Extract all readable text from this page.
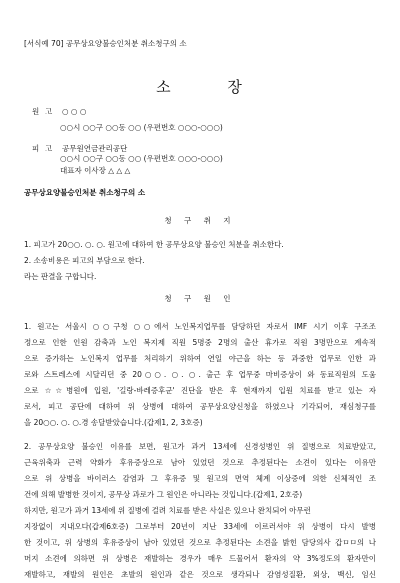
[서식예 70] 공무상요양불승인처분 취소청구의 소
소	장
원 고	○ ○ ○
○○시 ○○구 ○○동 ○○ (우편번호 ○○○-○○○)
피 고	공무원연금관리공단
○○시 ○○구 ○○동 ○○ (우편번호 ○○○-○○○)
대표자 이사장 △ △ △
공무상요양불승인처분 취소청구의 소
청 구 취 지
1. 피고가 20○○. ○. ○. 원고에 대하여 한 공무상요양 불승인 처분을 취소한다.
2. 소송비용은 피고의 부담으로 한다.
라는 판결을 구합니다.
청 구 원 인

1. 원고는 서울시 ○○구청 ○○에서 노인복지업무를 담당하던 자로서 IMF 시기 이후 구조조

정으로 인한 인원 감축과 노인 복지제 직원 5명중 2명의 출산 휴가로 직원 3명만으로 계속적

으로 증가하는 노인복지 업무를 처리하기 위하여 연일 야근을 하는 등 과중한 업무로 인한 과

로와 스트레스에 시달리던 중 20○○. ○. ○. 출근 후 업무중 마비증상이 와 동료직원의 도움

으로 ☆☆병원에 입원, '길랑-바레증후군' 진단을 받은 후 현재까지 입원 치료를 받고 있는 자

로서, 피고 공단에 대하여 위 상병에 대하여 공무상요양신청을 하였으나 기각되어, 재심청구를

을 20○○. ○. ○.경 송달받았습니다.(갑제1, 2, 3호증)

2. 공무상요양 불승인 이유를 보면, 원고가 과거 13세에 신경성병인 위 질병으로 치료받았고,

근육위축과 근력 약화가 후유증상으로 남아 있었던 것으로 추정된다는 소견이 있다는 이유만

으로 위 상병을 바이러스 감염과 그 후유증 및 원고의 면역 체계 이상증에 의한 신체적인 조

건에 의해 발병한 것이지, 공무상 과로가 그 원인은 아니라는 것입니다.(갑제1, 2호증)

하지만, 원고가 과거 13세에 위 질병에 걸려 치료를 받은 사실은 있으나 완치되어 아무런

지장없이 지내오다(갑제6호증) 그로부터 20년이 지난 33세에 이르러서야 위 상병이 다시 발병

한 것이고, 위 상병의 후유증상이 남아 있었던 것으로 추정된다는 소견을 밝힌 담당의사 갑ㅁㅁ의 나

머지 소견에 의하면 위 상병은 재발하는 경우가 매우 드물어서 환자의 약 3%정도의 환자만이

재발하고, 재발의 원인은 초발의 원인과 같은 것으로 생각되나 감염성질환, 외상, 백신, 임신
